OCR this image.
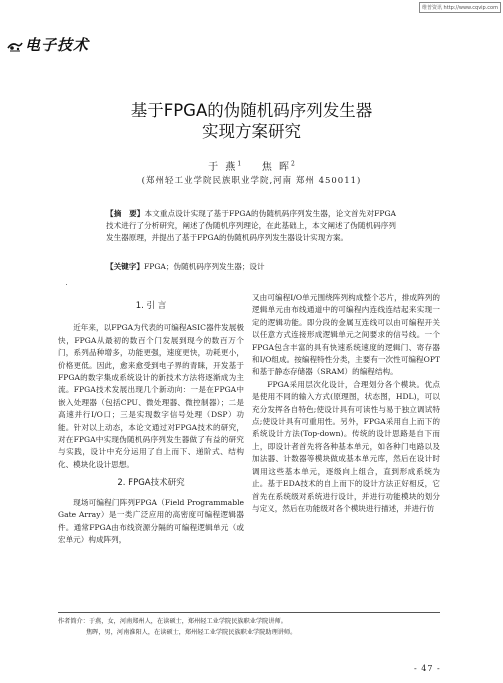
维普资讯 http://www.cqvip.com
电子技术
基于FPGA的伪随机码序列发生器
实现方案研究
于 燕$^1$ 焦 晖$^2$
(郑州轻工业学院民族职业学院,河南 郑州 450011)
【摘　要】本文重点设计实现了基于FPGA的伪随机码序列发生器，论文首先对FPGA技术进行了分析研究，阐述了伪随机序列理论，在此基础上，本文阐述了伪随机码序列发生器原理，并提出了基于FPGA的伪随机码序列发生器设计实现方案。
【关键字】FPGA；伪随机码序列发生器；设计
1. 引 言

近年来，以FPGA为代表的可编程ASIC器件发展极快，FPGA从最初的数百个门发展到现今的数百万个门，系列品种增多，功能更强，速度更快，功耗更小，价格更低。因此，愈来愈受到电子界的青睐，开发基于FPGA的数字集成系统设计的新技术方法将逐渐成为主流。FPGA技术发展出现几个新动向：一是在FPGA中嵌入处理器（包括CPU、微处理器、微控制器）；二是高速并行I/O口；三是实现数字信号处理（DSP）功能。针对以上动态，本论文通过对FPGA技术的研究，对在FPGA中实现伪随机码序列发生器做了有益的研究与实践，设计中充分运用了自上而下、递阶式、结构化、模块化设计思想。

2. FPGA技术研究

现场可编程门阵列FPGA（Field Programmable Gate Array）是一类广泛应用的高密度可编程逻辑器件。通常FPGA由布线资源分隔的可编程逻辑单元（或宏单元）构成阵列，

又由可编程I/O单元围绕阵列构成整个芯片，排成阵列的逻辑单元由布线通道中的可编程内连线连结起来实现一定的逻辑功能。即分段的金属互连线可以由可编程开关以任意方式连接形成逻辑单元之间要求的信号线。一个FPGA包含丰富的具有快速系统速度的逻辑门、寄存器和I/O组成。按编程特性分类，主要有一次性可编程OPT和基于静态存储器（SRAM）的编程结构。

FPGA采用层次化设计，合理划分各个模块。优点是使用不同的输入方式(原理图，状态图，HDL)，可以充分发挥各自特色;使设计具有可读性与易于独立调试特点;使设计具有可重用性。另外，FPGA采用自上而下的系统设计方法(Top-down)。传统的设计思路是自下而上，即设计者首先将各种基本单元，如各种门电路以及加法器、计数器等模块做成基本单元库，然后在设计时调用这些基本单元，逐级向上组合，直到形成系统为止。基于EDA技术的自上而下的设计方法正好相反，它首先在系统级对系统进行设计，并进行功能模块的划分与定义，然后在功能级对各个模块进行描述，并进行仿

作者简介：于燕，女，河南郑州人，在读硕士，郑州轻工业学院民族职业学院讲师。
焦晖，男，河南淮阳人，在读硕士，郑州轻工业学院民族职业学院助理讲师。
- 47 -
